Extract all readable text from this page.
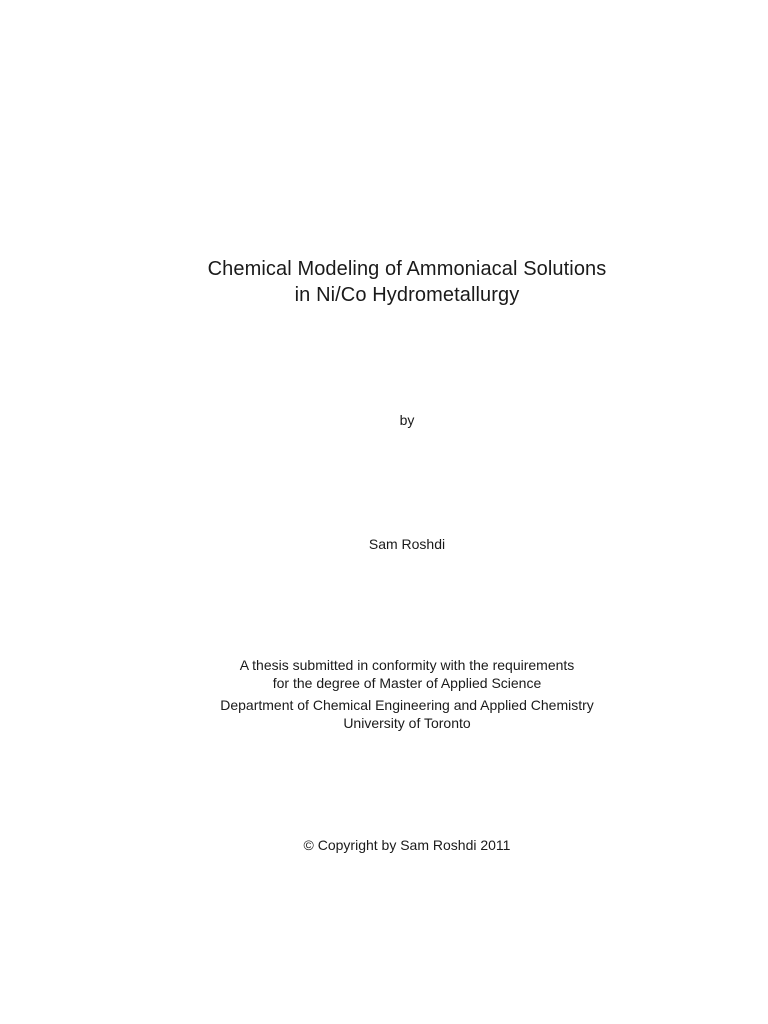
Chemical Modeling of Ammoniacal Solutions
in Ni/Co Hydrometallurgy
by
Sam Roshdi
A thesis submitted in conformity with the requirements
for the degree of Master of Applied Science
Department of Chemical Engineering and Applied Chemistry
University of Toronto
© Copyright by Sam Roshdi 2011
